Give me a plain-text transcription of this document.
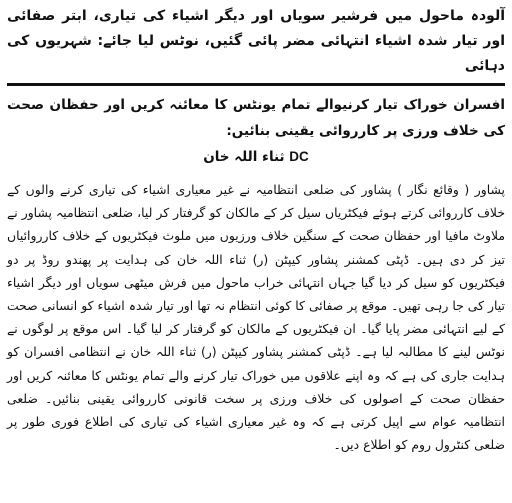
آلودہ ماحول میں فرشیر سویاں اور دیگر اشیاء کی تیاری، ابتر صفائی اور تیار شدہ اشیاء انتہائی مضر پائی گئیں، نوٹس لیا جائے: شہریوں کی دہائی

افسران خوراک تیار کرنیوالے تمام یونٹس کا معائنہ کریں اور حفظان صحت کی خلاف ورزی پر کارروائی یقینی بنائیں:

DC ثناء اللہ خان

پشاور ( وقائع نگار ) پشاور کی ضلعی انتظامیہ نے غیر معیاری اشیاء کی تیاری کرنے والوں کے خلاف کارروائی کرتے ہوئے فیکٹریاں سیل کر کے مالکان کو گرفتار کر لیا، ضلعی انتظامیہ پشاور نے ملاوٹ مافیا اور حفظان صحت کے سنگین خلاف ورزیوں میں ملوث فیکٹریوں کے خلاف کارروائیاں تیز کر دی ہیں۔ ڈپٹی کمشنر پشاور کیپٹن (ر) ثناء اللہ خان کی ہدایت پر پھندو روڈ پر دو فیکٹریوں کو سیل کر دیا گیا جہاں انتہائی خراب ماحول میں فرش میٹھی سویاں اور دیگر اشیاء تیار کی جا رہی تھیں۔ موقع پر صفائی کا کوئی انتظام نہ تھا اور تیار شدہ اشیاء کو انسانی صحت کے لیے انتہائی مضر پایا گیا۔ ان فیکٹریوں کے مالکان کو گرفتار کر لیا گیا۔ اس موقع پر لوگوں نے نوٹس لینے کا مطالبہ لیا ہے۔ ڈپٹی کمشنر پشاور کیپٹن (ر) ثناء اللہ خان نے انتظامی افسران کو ہدایت جاری کی ہے کہ وہ اپنے علاقوں میں خوراک تیار کرنے والے تمام یونٹس کا معائنہ کریں اور حفظان صحت کے اصولوں کی خلاف ورزی پر سخت قانونی کارروائی یقینی بنائیں۔ ضلعی انتظامیہ عوام سے اپیل کرتی ہے کہ وہ غیر معیاری اشیاء کی تیاری کی اطلاع فوری طور پر ضلعی کنٹرول روم کو اطلاع دیں۔
